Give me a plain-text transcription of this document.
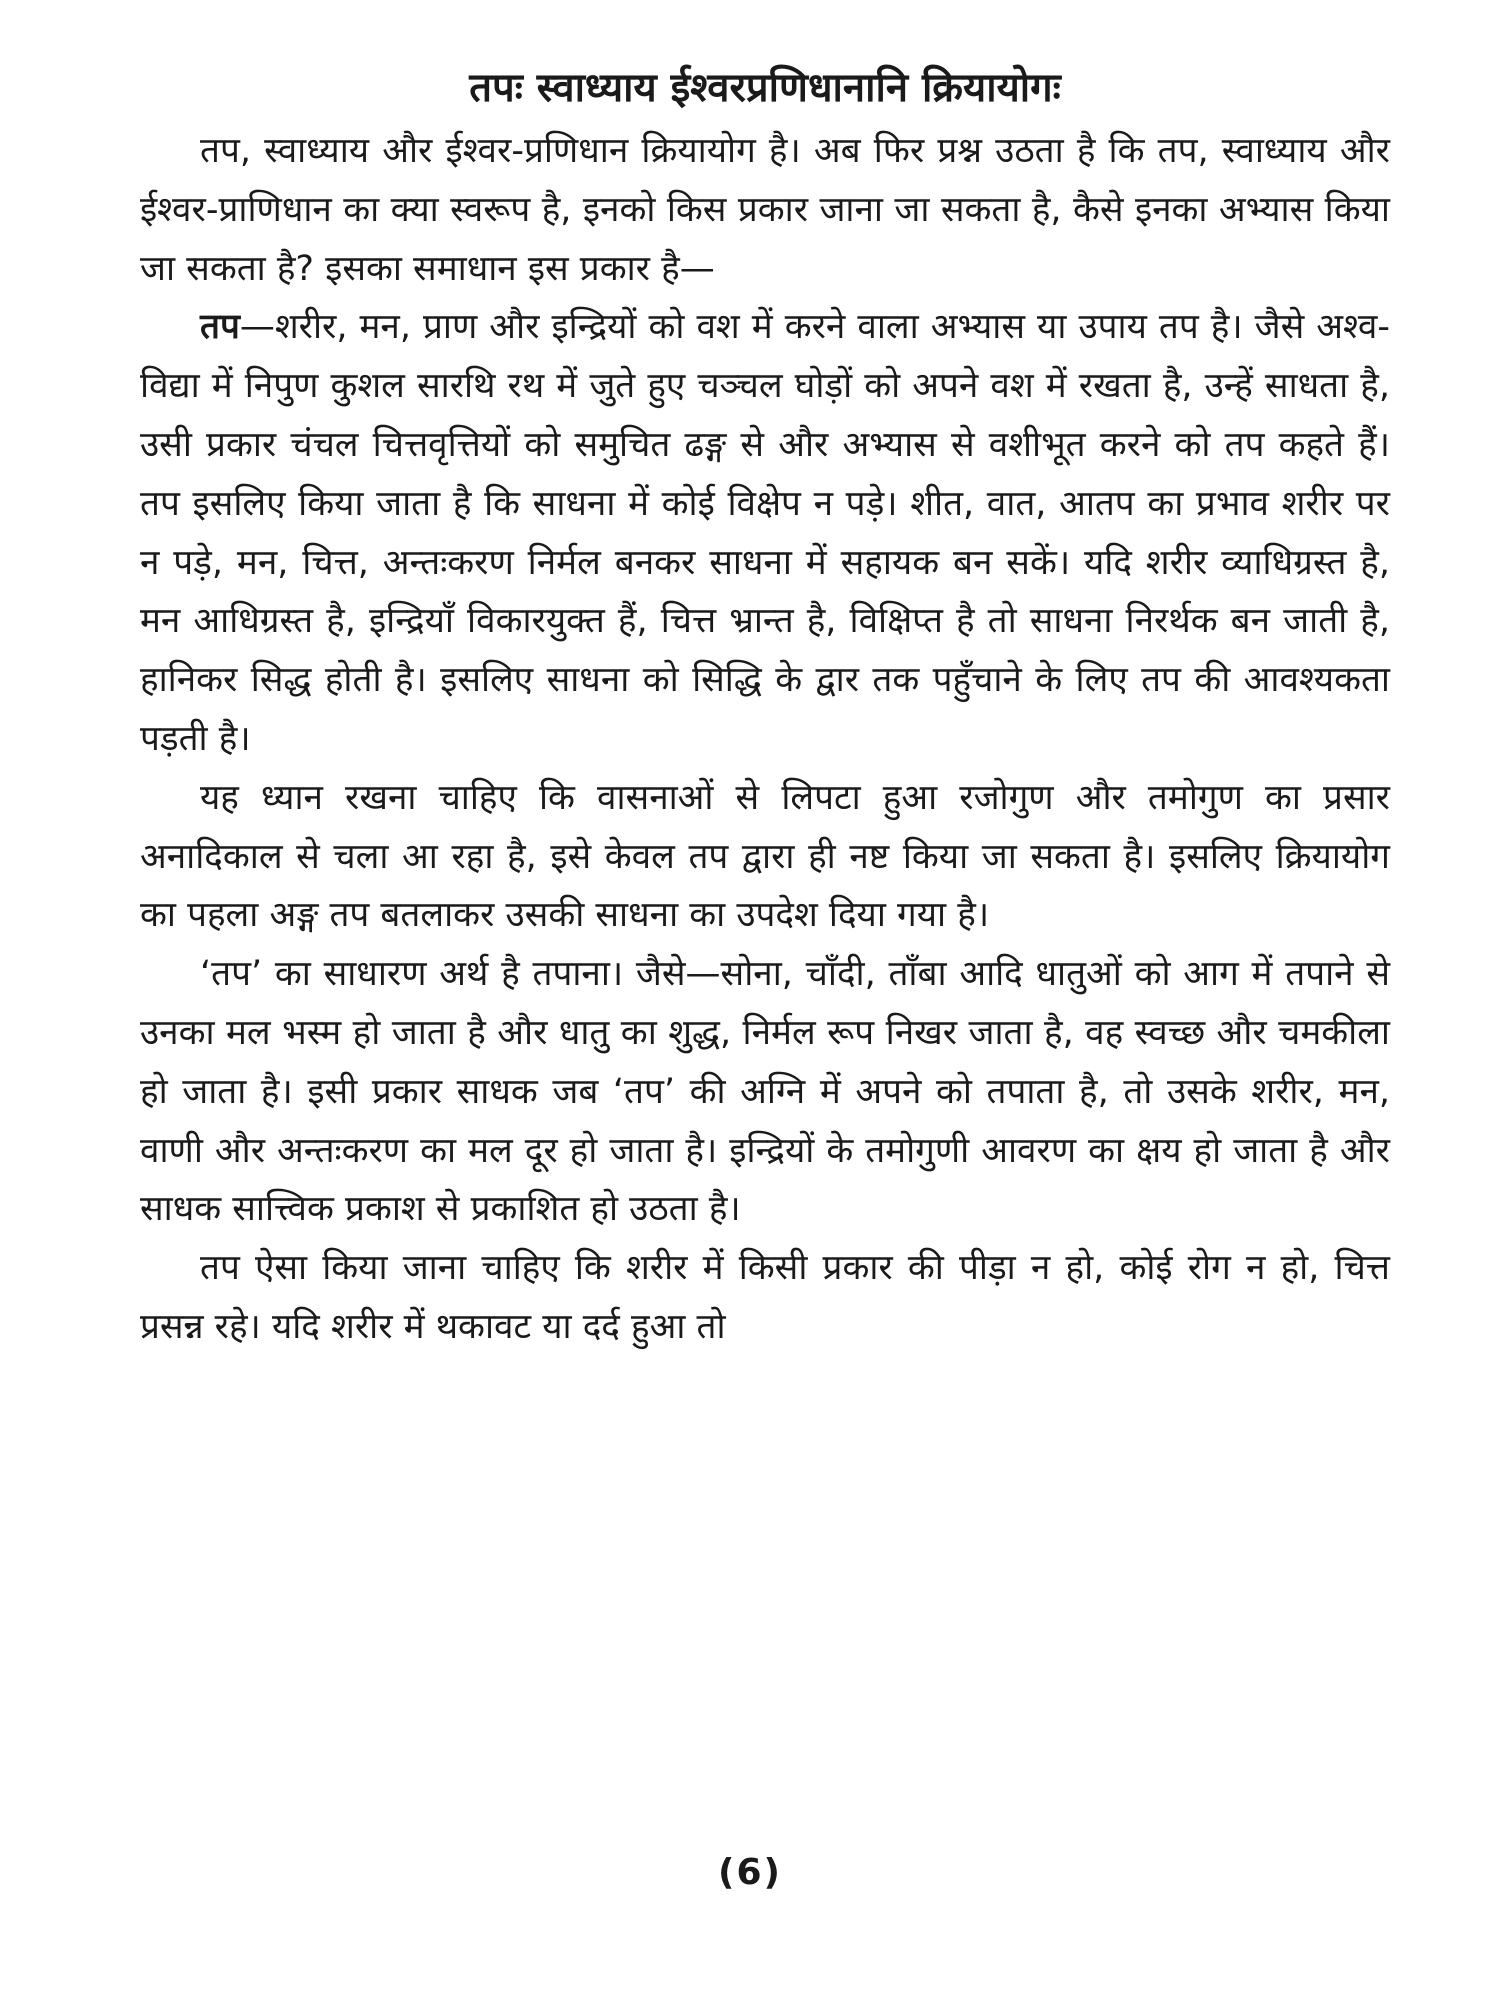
तपः स्वाध्याय ईश्वरप्रणिधानानि क्रियायोगः

तप, स्वाध्याय और ईश्वर-प्रणिधान क्रियायोग है। अब फिर प्रश्न उठता है कि तप, स्वाध्याय और ईश्वर-प्राणिधान का क्या स्वरूप है, इनको किस प्रकार जाना जा सकता है, कैसे इनका अभ्यास किया जा सकता है? इसका समाधान इस प्रकार है—

तप—शरीर, मन, प्राण और इन्द्रियों को वश में करने वाला अभ्यास या उपाय तप है। जैसे अश्व-विद्या में निपुण कुशल सारथि रथ में जुते हुए चञ्चल घोड़ों को अपने वश में रखता है, उन्हें साधता है, उसी प्रकार चंचल चित्तवृत्तियों को समुचित ढङ्ग से और अभ्यास से वशीभूत करने को तप कहते हैं। तप इसलिए किया जाता है कि साधना में कोई विक्षेप न पड़े। शीत, वात, आतप का प्रभाव शरीर पर न पड़े, मन, चित्त, अन्तःकरण निर्मल बनकर साधना में सहायक बन सकें। यदि शरीर व्याधिग्रस्त है, मन आधिग्रस्त है, इन्द्रियाँ विकारयुक्त हैं, चित्त भ्रान्त है, विक्षिप्त है तो साधना निरर्थक बन जाती है, हानिकर सिद्ध होती है। इसलिए साधना को सिद्धि के द्वार तक पहुँचाने के लिए तप की आवश्यकता पड़ती है।

यह ध्यान रखना चाहिए कि वासनाओं से लिपटा हुआ रजोगुण और तमोगुण का प्रसार अनादिकाल से चला आ रहा है, इसे केवल तप द्वारा ही नष्ट किया जा सकता है। इसलिए क्रियायोग का पहला अङ्ग तप बतलाकर उसकी साधना का उपदेश दिया गया है।

‘तप’ का साधारण अर्थ है तपाना। जैसे—सोना, चाँदी, ताँबा आदि धातुओं को आग में तपाने से उनका मल भस्म हो जाता है और धातु का शुद्ध, निर्मल रूप निखर जाता है, वह स्वच्छ और चमकीला हो जाता है। इसी प्रकार साधक जब ‘तप’ की अग्नि में अपने को तपाता है, तो उसके शरीर, मन, वाणी और अन्तःकरण का मल दूर हो जाता है। इन्द्रियों के तमोगुणी आवरण का क्षय हो जाता है और साधक सात्त्विक प्रकाश से प्रकाशित हो उठता है।

तप ऐसा किया जाना चाहिए कि शरीर में किसी प्रकार की पीड़ा न हो, कोई रोग न हो, चित्त प्रसन्न रहे। यदि शरीर में थकावट या दर्द हुआ तो

(6)
